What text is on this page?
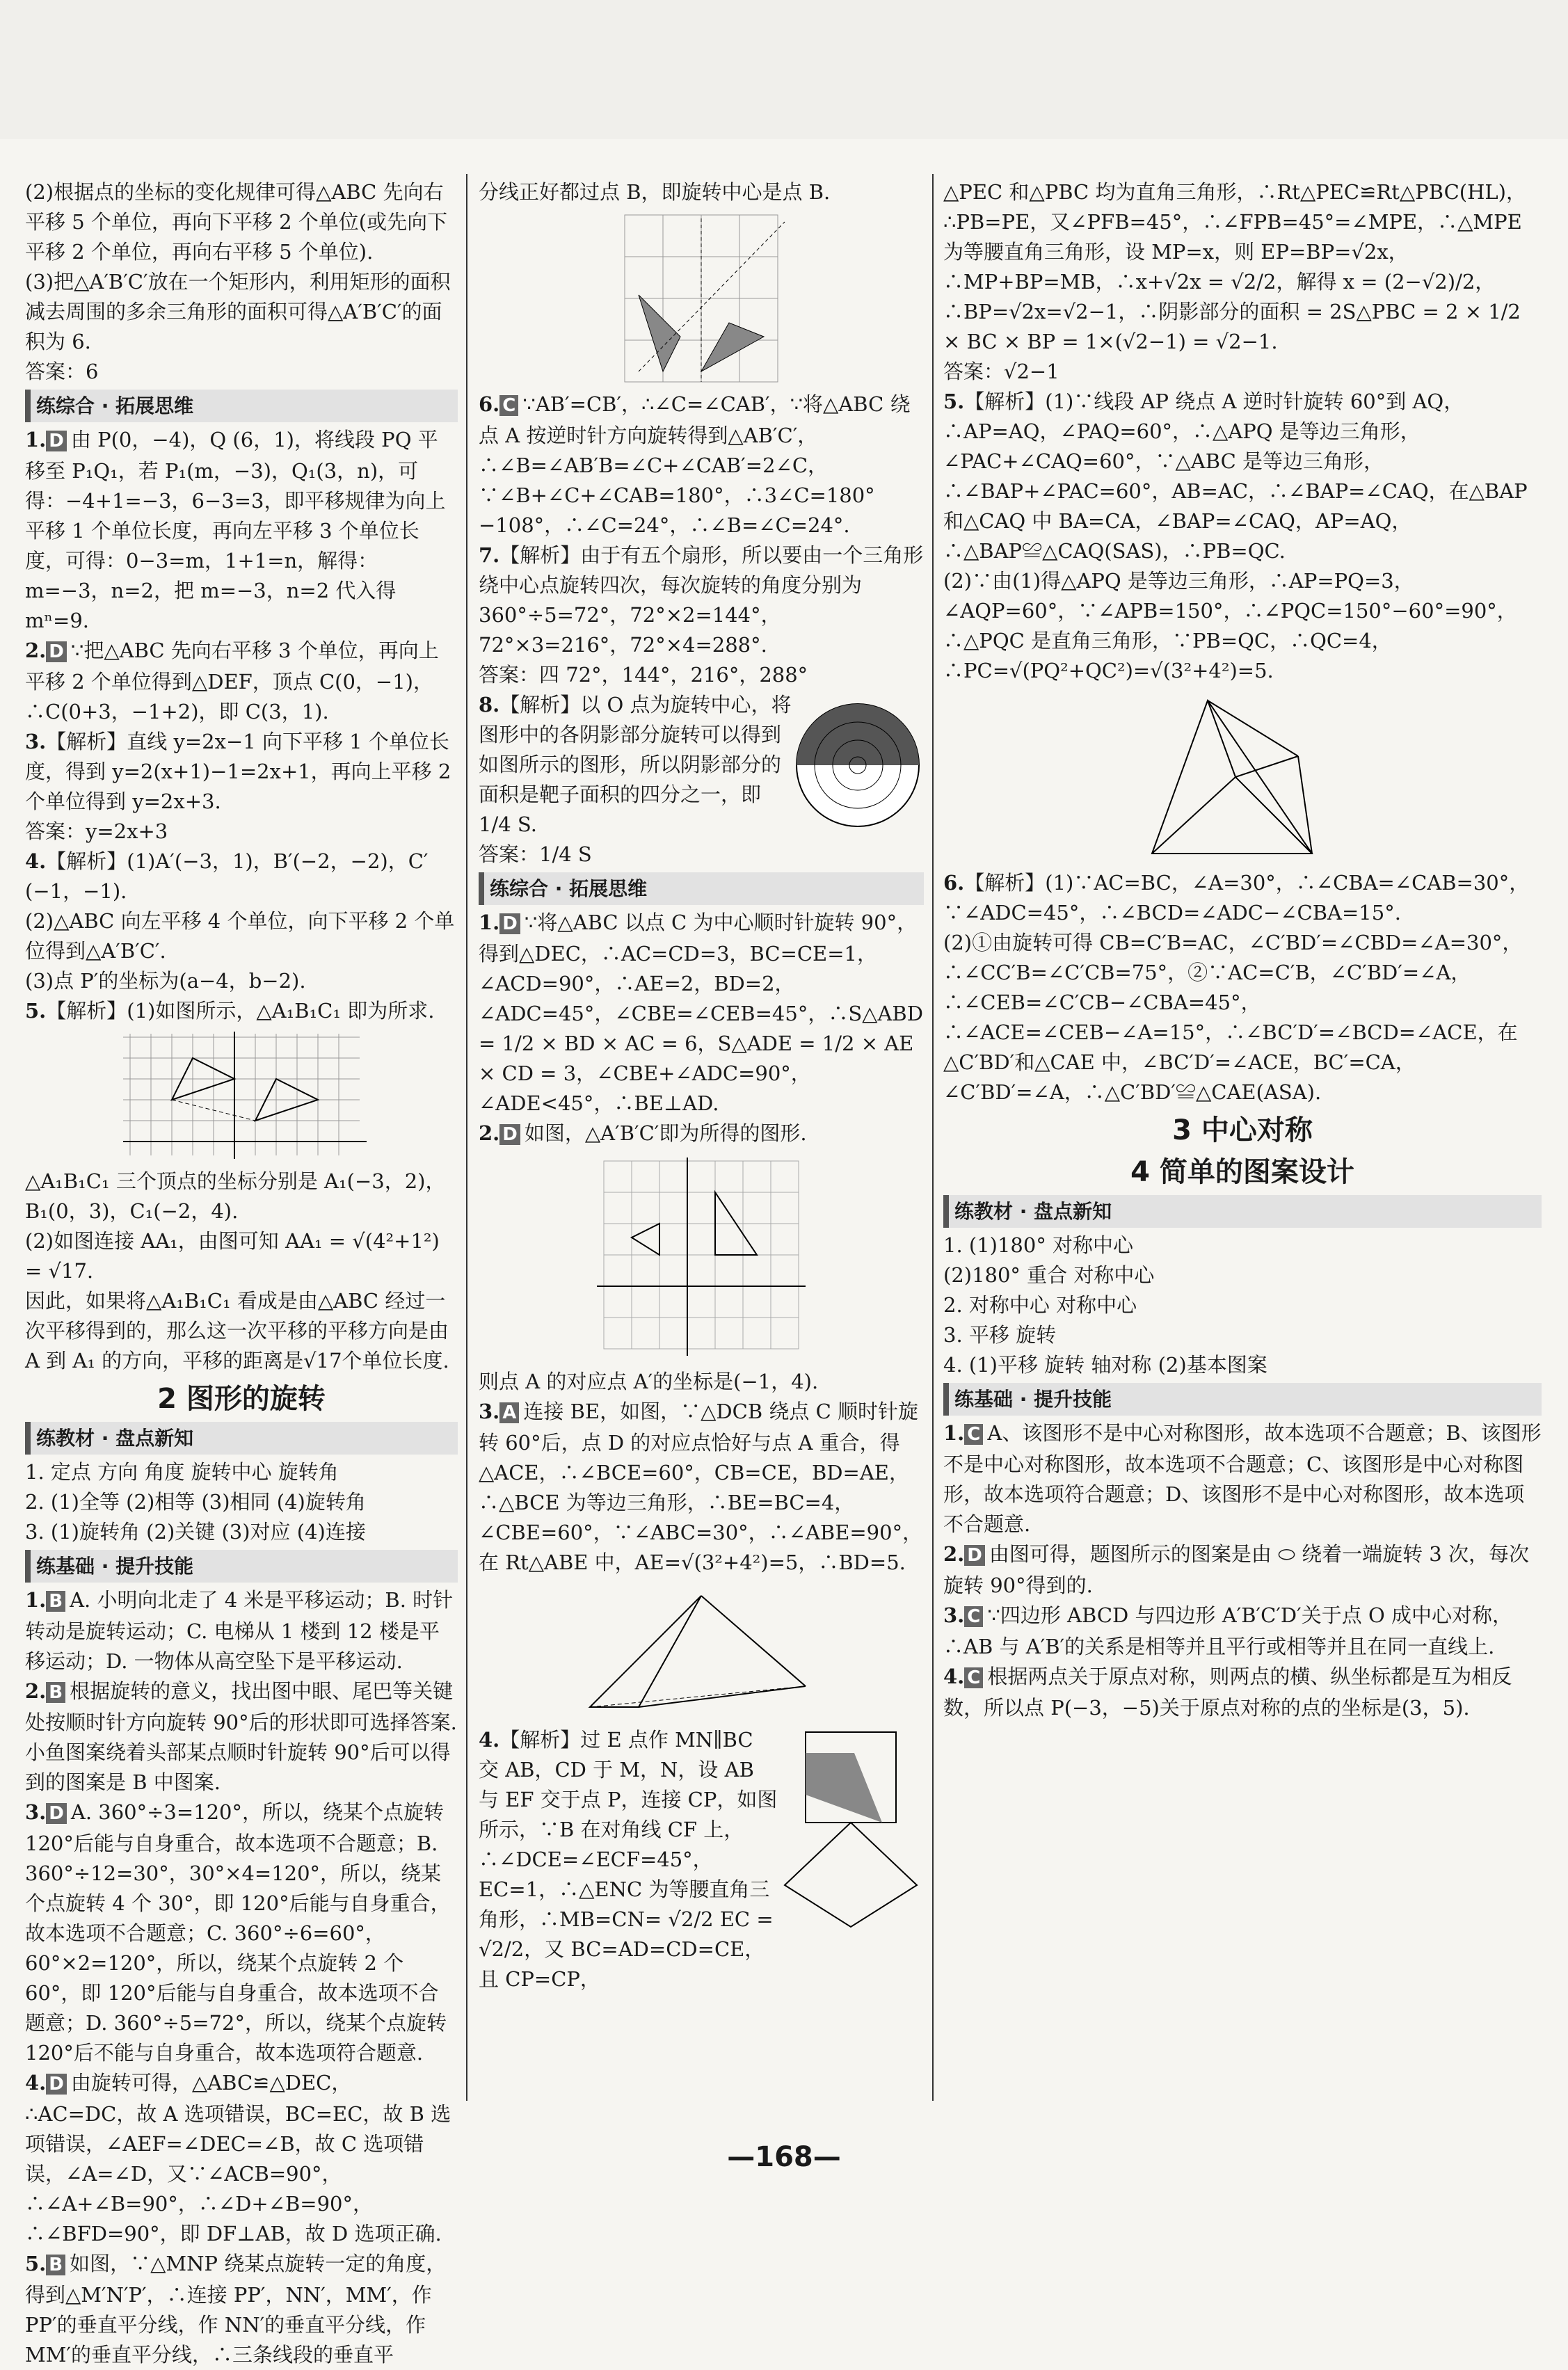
(2)根据点的坐标的变化规律可得△ABC 先向右平移 5 个单位，再向下平移 2 个单位(或先向下平移 2 个单位，再向右平移 5 个单位).

(3)把△A′B′C′放在一个矩形内，利用矩形的面积减去周围的多余三角形的面积可得△A′B′C′的面积为 6.

答案：6

练综合 · 拓展思维

1. D 由 P(0，−4)，Q (6，1)，将线段 PQ 平移至 P₁Q₁，若 P₁(m，−3)，Q₁(3，n)，可得：−4+1=−3，6−3=3，即平移规律为向上平移 1 个单位长度，再向左平移 3 个单位长度，可得：0−3=m，1+1=n，解得：m=−3，n=2，把 m=−3，n=2 代入得 mⁿ=9.

2. D ∵把△ABC 先向右平移 3 个单位，再向上平移 2 个单位得到△DEF，顶点 C(0，−1)，∴C(0+3，−1+2)，即 C(3，1).

3.【解析】直线 y=2x−1 向下平移 1 个单位长度，得到 y=2(x+1)−1=2x+1，再向上平移 2 个单位得到 y=2x+3.

答案：y=2x+3

4.【解析】(1)A′(−3，1)，B′(−2，−2)，C′(−1，−1).

(2)△ABC 向左平移 4 个单位，向下平移 2 个单位得到△A′B′C′.

(3)点 P′的坐标为(a−4，b−2).

5.【解析】(1)如图所示，△A₁B₁C₁ 即为所求.

△A₁B₁C₁ 三个顶点的坐标分别是 A₁(−3，2)，B₁(0，3)，C₁(−2，4).

(2)如图连接 AA₁，由图可知 AA₁ = √(4²+1²) = √17.

因此，如果将△A₁B₁C₁ 看成是由△ABC 经过一次平移得到的，那么这一次平移的平移方向是由 A 到 A₁ 的方向，平移的距离是√17个单位长度.

2 图形的旋转
练教材 · 盘点新知

1. 定点 方向 角度 旋转中心 旋转角

2. (1)全等 (2)相等 (3)相同 (4)旋转角

3. (1)旋转角 (2)关键 (3)对应 (4)连接

练基础 · 提升技能

1. B A. 小明向北走了 4 米是平移运动；B. 时针转动是旋转运动；C. 电梯从 1 楼到 12 楼是平移运动；D. 一物体从高空坠下是平移运动.

2. B 根据旋转的意义，找出图中眼、尾巴等关键处按顺时针方向旋转 90°后的形状即可选择答案. 小鱼图案绕着头部某点顺时针旋转 90°后可以得到的图案是 B 中图案.

3. D A. 360°÷3=120°，所以，绕某个点旋转 120°后能与自身重合，故本选项不合题意；B. 360°÷12=30°，30°×4=120°，所以，绕某个点旋转 4 个 30°，即 120°后能与自身重合，故本选项不合题意；C. 360°÷6=60°，60°×2=120°，所以，绕某个点旋转 2 个 60°，即 120°后能与自身重合，故本选项不合题意；D. 360°÷5=72°，所以，绕某个点旋转 120°后不能与自身重合，故本选项符合题意.

4. D 由旋转可得，△ABC≌△DEC，∴AC=DC，故 A 选项错误，BC=EC，故 B 选项错误，∠AEF=∠DEC=∠B，故 C 选项错误，∠A=∠D，又∵∠ACB=90°，∴∠A+∠B=90°，∴∠D+∠B=90°，∴∠BFD=90°，即 DF⊥AB，故 D 选项正确.

5. B 如图，∵△MNP 绕某点旋转一定的角度，得到△M′N′P′，∴连接 PP′，NN′，MM′，作 PP′的垂直平分线，作 NN′的垂直平分线，作 MM′的垂直平分线，∴三条线段的垂直平

分线正好都过点 B，即旋转中心是点 B.

6. C ∵AB′=CB′，∴∠C=∠CAB′，∵将△ABC 绕点 A 按逆时针方向旋转得到△AB′C′，∴∠B=∠AB′B=∠C+∠CAB′=2∠C，∵∠B+∠C+∠CAB=180°，∴3∠C=180°−108°，∴∠C=24°，∴∠B=∠C=24°.

7.【解析】由于有五个扇形，所以要由一个三角形绕中心点旋转四次，每次旋转的角度分别为 360°÷5=72°，72°×2=144°，72°×3=216°，72°×4=288°.

答案：四 72°，144°，216°，288°

8.【解析】以 O 点为旋转中心，将图形中的各阴影部分旋转可以得到如图所示的图形，所以阴影部分的面积是靶子面积的四分之一，即 1/4 S.

答案：1/4 S

练综合 · 拓展思维

1. D ∵将△ABC 以点 C 为中心顺时针旋转 90°，得到△DEC，∴AC=CD=3，BC=CE=1，∠ACD=90°，∴AE=2，BD=2，∠ADC=45°，∠CBE=∠CEB=45°，∴S△ABD = 1/2 × BD × AC = 6，S△ADE = 1/2 × AE × CD = 3，∠CBE+∠ADC=90°，∠ADE<45°，∴BE⊥AD.

2. D 如图，△A′B′C′即为所得的图形.

则点 A 的对应点 A′的坐标是(−1，4).

3. A 连接 BE，如图，∵△DCB 绕点 C 顺时针旋转 60°后，点 D 的对应点恰好与点 A 重合，得△ACE，∴∠BCE=60°，CB=CE，BD=AE，∴△BCE 为等边三角形，∴BE=BC=4，∠CBE=60°，∵∠ABC=30°，∴∠ABE=90°，在 Rt△ABE 中，AE=√(3²+4²)=5，∴BD=5.

4.【解析】过 E 点作 MN∥BC 交 AB，CD 于 M，N，设 AB 与 EF 交于点 P，连接 CP，如图所示，∵B 在对角线 CF 上，∴∠DCE=∠ECF=45°，EC=1，∴△ENC 为等腰直角三角形，∴MB=CN= √2/2 EC = √2/2，又 BC=AD=CD=CE，且 CP=CP，

△PEC 和△PBC 均为直角三角形，∴Rt△PEC≌Rt△PBC(HL)，∴PB=PE，又∠PFB=45°，∴∠FPB=45°=∠MPE，∴△MPE 为等腰直角三角形，设 MP=x，则 EP=BP=√2x，∴MP+BP=MB，∴x+√2x = √2/2，解得 x = (2−√2)/2，∴BP=√2x=√2−1，∴阴影部分的面积 = 2S△PBC = 2 × 1/2 × BC × BP = 1×(√2−1) = √2−1.

答案：√2−1

5.【解析】(1)∵线段 AP 绕点 A 逆时针旋转 60°到 AQ，∴AP=AQ，∠PAQ=60°，∴△APQ 是等边三角形，∠PAC+∠CAQ=60°，∵△ABC 是等边三角形，∴∠BAP+∠PAC=60°，AB=AC，∴∠BAP=∠CAQ，在△BAP 和△CAQ 中 BA=CA，∠BAP=∠CAQ，AP=AQ，∴△BAP≌△CAQ(SAS)，∴PB=QC.

(2)∵由(1)得△APQ 是等边三角形，∴AP=PQ=3，∠AQP=60°，∵∠APB=150°，∴∠PQC=150°−60°=90°，∴△PQC 是直角三角形，∵PB=QC，∴QC=4，∴PC=√(PQ²+QC²)=√(3²+4²)=5.

6.【解析】(1)∵AC=BC，∠A=30°，∴∠CBA=∠CAB=30°，∵∠ADC=45°，∴∠BCD=∠ADC−∠CBA=15°.

(2)①由旋转可得 CB=C′B=AC，∠C′BD′=∠CBD=∠A=30°，∴∠CC′B=∠C′CB=75°，②∵AC=C′B，∠C′BD′=∠A，∴∠CEB=∠C′CB−∠CBA=45°，∴∠ACE=∠CEB−∠A=15°，∴∠BC′D′=∠BCD=∠ACE，在△C′BD′和△CAE 中，∠BC′D′=∠ACE，BC′=CA，∠C′BD′=∠A，∴△C′BD′≌△CAE(ASA).

3 中心对称
4 简单的图案设计
练教材 · 盘点新知

1. (1)180° 对称中心

(2)180° 重合 对称中心

2. 对称中心 对称中心

3. 平移 旋转

4. (1)平移 旋转 轴对称 (2)基本图案

练基础 · 提升技能

1. C A、该图形不是中心对称图形，故本选项不合题意；B、该图形不是中心对称图形，故本选项不合题意；C、该图形是中心对称图形，故本选项符合题意；D、该图形不是中心对称图形，故本选项不合题意.

2. D 由图可得，题图所示的图案是由 ⬭ 绕着一端旋转 3 次，每次旋转 90°得到的.

3. C ∵四边形 ABCD 与四边形 A′B′C′D′关于点 O 成中心对称，∴AB 与 A′B′的关系是相等并且平行或相等并且在同一直线上.

4. C 根据两点关于原点对称，则两点的横、纵坐标都是互为相反数，所以点 P(−3，−5)关于原点对称的点的坐标是(3，5).

—168—
